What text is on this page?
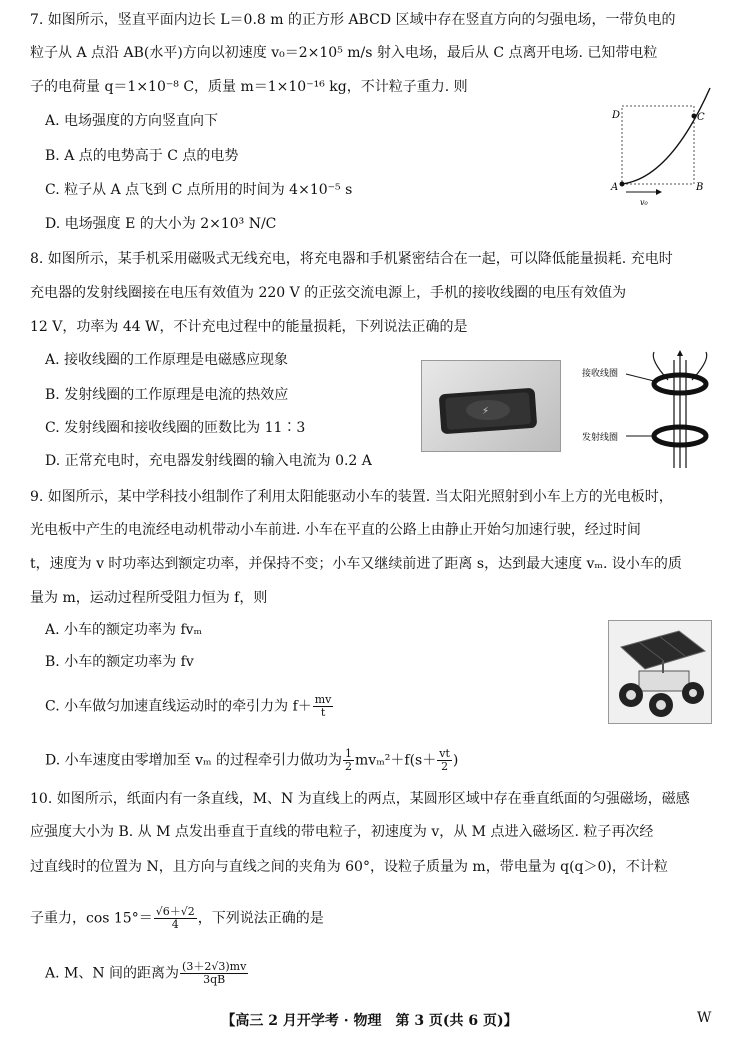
7. 如图所示，竖直平面内边长 L＝0.8 m 的正方形 ABCD 区域中存在竖直方向的匀强电场，一带负电的
粒子从 A 点沿 AB(水平)方向以初速度 v₀＝2×10⁵ m/s 射入电场，最后从 C 点离开电场. 已知带电粒
子的电荷量 q＝1×10⁻⁸ C，质量 m＝1×10⁻¹⁶ kg，不计粒子重力. 则
A. 电场强度的方向竖直向下
B. A 点的电势高于 C 点的电势
C. 粒子从 A 点飞到 C 点所用的时间为 4×10⁻⁵ s
D. 电场强度 E 的大小为 2×10³ N/C
D	C
A	B
v₀
8. 如图所示，某手机采用磁吸式无线充电，将充电器和手机紧密结合在一起，可以降低能量损耗. 充电时
充电器的发射线圈接在电压有效值为 220 V 的正弦交流电源上，手机的接收线圈的电压有效值为
12 V，功率为 44 W，不计充电过程中的能量损耗，下列说法正确的是
A. 接收线圈的工作原理是电磁感应现象
B. 发射线圈的工作原理是电流的热效应
C. 发射线圈和接收线圈的匝数比为 11∶3
D. 正常充电时，充电器发射线圈的输入电流为 0.2 A
⚡
接收线圈
发射线圈
9. 如图所示，某中学科技小组制作了利用太阳能驱动小车的装置. 当太阳光照射到小车上方的光电板时，
光电板中产生的电流经电动机带动小车前进. 小车在平直的公路上由静止开始匀加速行驶，经过时间
t，速度为 v 时功率达到额定功率，并保持不变；小车又继续前进了距离 s，达到最大速度 vₘ. 设小车的质
量为 m，运动过程所受阻力恒为 f，则
A. 小车的额定功率为 fvₘ
B. 小车的额定功率为 fv
C. 小车做匀加速直线运动时的牵引力为 $f+ \frac{mv}{t}$
D. 小车速度由零增加至 vₘ 的过程牵引力做功为 $\frac{1}{2} mv_m^2+f(s+ \frac{vt}{2}$ )
10. 如图所示，纸面内有一条直线，M、N 为直线上的两点，某圆形区域中存在垂直纸面的匀强磁场，磁感
应强度大小为 B. 从 M 点发出垂直于直线的带电粒子，初速度为 v，从 M 点进入磁场区. 粒子再次经
过直线时的位置为 N，且方向与直线之间的夹角为 60°，设粒子质量为 m，带电量为 q(q＞0)，不计粒
子重力，$\cos 15^\circ= \frac{√6+√2}{4}$ ，下列说法正确的是
A. M、N 间的距离为 $\frac{(3+2√3)mv}{3qB}$
【高三 2 月开学考 · 物理　第 3 页(共 6 页)】	W
